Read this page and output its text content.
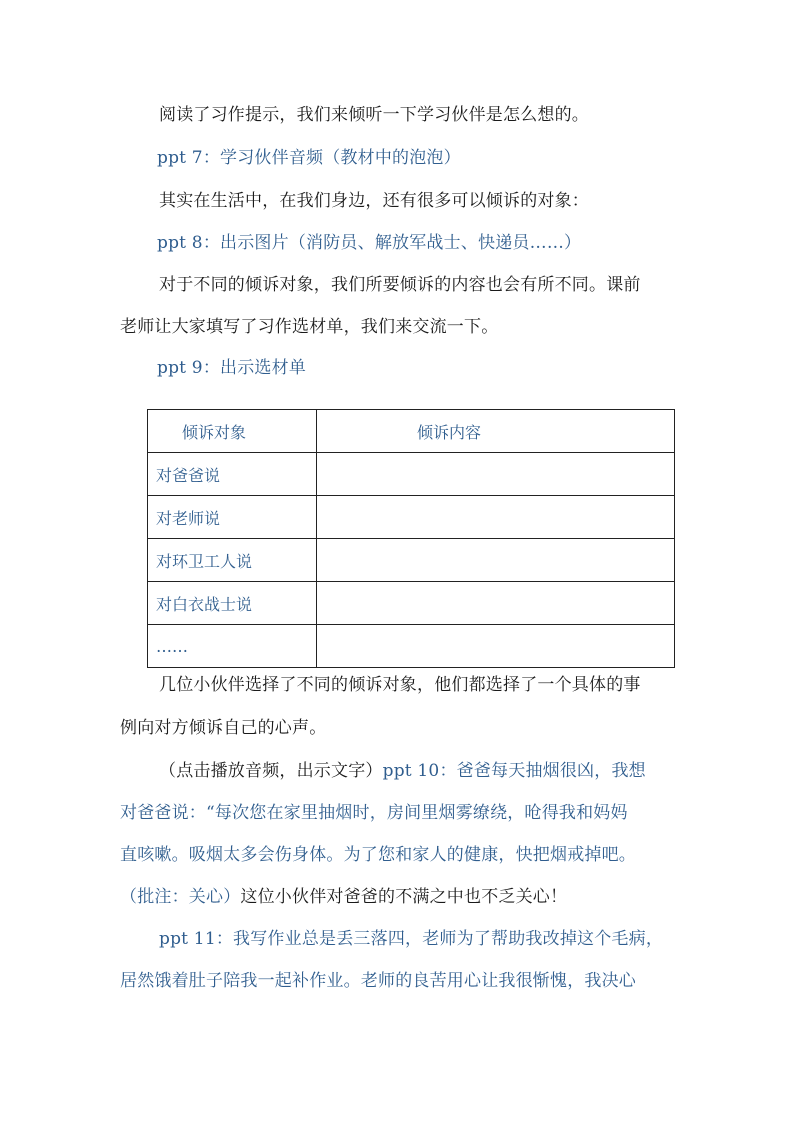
阅读了习作提示，我们来倾听一下学习伙伴是怎么想的。
ppt 7：学习伙伴音频（教材中的泡泡）
其实在生活中，在我们身边，还有很多可以倾诉的对象：
ppt 8：出示图片（消防员、解放军战士、快递员……）
对于不同的倾诉对象，我们所要倾诉的内容也会有所不同。课前
老师让大家填写了习作选材单，我们来交流一下。
ppt 9：出示选材单
倾诉对象	倾诉内容
对爸爸说	
对老师说	
对环卫工人说	
对白衣战士说	
……	
几位小伙伴选择了不同的倾诉对象，他们都选择了一个具体的事
例向对方倾诉自己的心声。
（点击播放音频，出示文字）ppt 10：爸爸每天抽烟很凶，我想
对爸爸说：“每次您在家里抽烟时，房间里烟雾缭绕，呛得我和妈妈
直咳嗽。吸烟太多会伤身体。为了您和家人的健康，快把烟戒掉吧。
（批注：关心）这位小伙伴对爸爸的不满之中也不乏关心！
ppt 11：我写作业总是丢三落四，老师为了帮助我改掉这个毛病，
居然饿着肚子陪我一起补作业。老师的良苦用心让我很惭愧，我决心
